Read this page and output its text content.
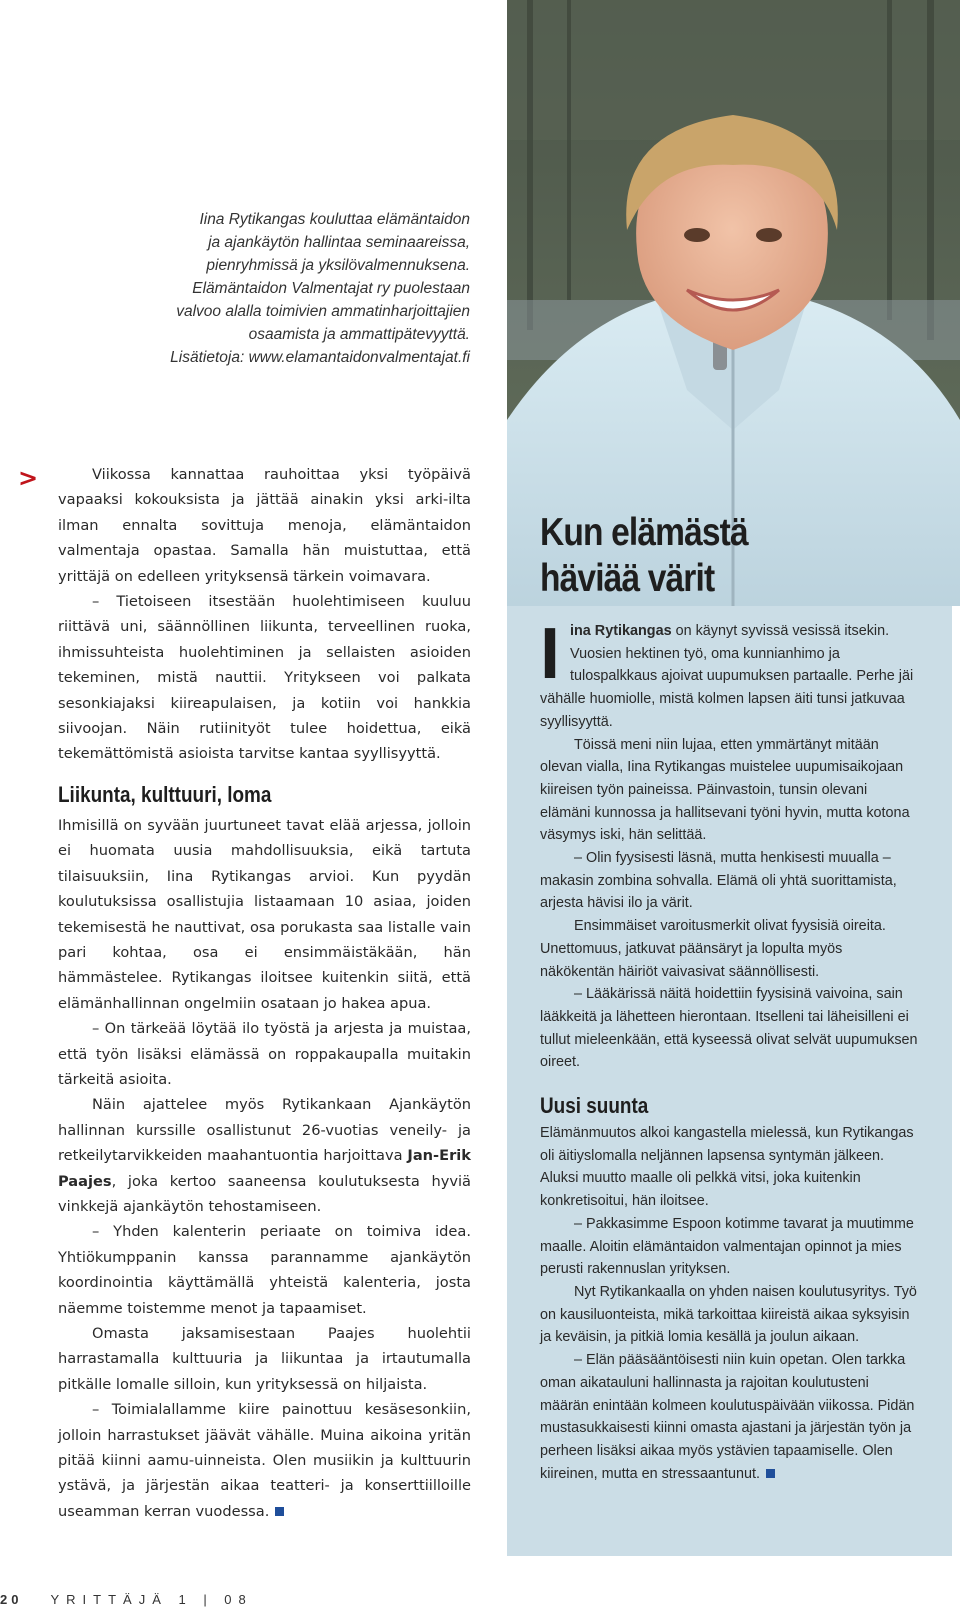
Iina Rytikangas kouluttaa elämäntaidon

ja ajankäytön hallintaa seminaareissa,

pienryhmissä ja yksilövalmennuksena.

Elämäntaidon Valmentajat ry puolestaan

valvoo alalla toimivien ammatinharjoittajien

osaamista ja ammattipätevyyttä.

Lisätietoja: www.elamantaidonvalmentajat.fi

Kun elämästä
häviää värit
>	Viikossa kannattaa rauhoittaa yksi työpäivä vapaaksi kokouksista ja jättää ainakin yksi arki-ilta ilman ennalta sovittuja menoja, elämäntaidon valmentaja opastaa. Samalla hän muistuttaa, että yrittäjä on edelleen yrityksensä tärkein voimavara.

– Tietoiseen itsestään huolehtimiseen kuuluu riittävä uni, säännöllinen liikunta, terveellinen ruoka, ihmissuhteista huolehtiminen ja sellaisten asioiden tekeminen, mistä nauttii. Yritykseen voi palkata sesonkiajaksi kiireapulaisen, ja kotiin voi hankkia siivoojan. Näin rutiinityöt tulee hoidettua, eikä tekemättömistä asioista tarvitse kantaa syyllisyyttä.

Liikunta, kulttuuri, loma

Ihmisillä on syvään juurtuneet tavat elää arjessa, jolloin ei huomata uusia mahdollisuuksia, eikä tartuta tilaisuuksiin, Iina Rytikangas arvioi. Kun pyydän koulutuksissa osallistujia listaamaan 10 asiaa, joiden tekemisestä he nauttivat, osa porukasta saa listalle vain pari kohtaa, osa ei ensimmäistäkään, hän hämmästelee. Rytikangas iloitsee kuitenkin siitä, että elämänhallinnan ongelmiin osataan jo hakea apua.

– On tärkeää löytää ilo työstä ja arjesta ja muistaa, että työn lisäksi elämässä on roppakaupalla muitakin tärkeitä asioita.

Näin ajattelee myös Rytikankaan Ajankäytön hallinnan kurssille osallistunut 26-vuotias veneily- ja retkeilytarvikkeiden maahantuontia harjoittava Jan-Erik Paajes, joka kertoo saaneensa koulutuksesta hyviä vinkkejä ajankäytön tehostamiseen.

– Yhden kalenterin periaate on toimiva idea. Yhtiökumppanin kanssa parannamme ajankäytön koordinointia käyttämällä yhteistä kalenteria, josta näemme toistemme menot ja tapaamiset.

Omasta jaksamisestaan Paajes huolehtii harrastamalla kulttuuria ja liikuntaa ja irtautumalla pitkälle lomalle silloin, kun yrityksessä on hiljaista.

– Toimialallamme kiire painottuu kesäsesonkiin, jolloin harrastukset jäävät vähälle. Muina aikoina yritän pitää kiinni aamu-uinneista. Olen musiikin ja kulttuurin ystävä, ja järjestän aikaa teatteri- ja konserttiilloille useamman kerran vuodessa.

Iina Rytikangas on käynyt syvissä vesissä itsekin. Vuosien hektinen työ, oma kunnianhimo ja tulospalkkaus ajoivat uupumuksen partaalle. Perhe jäi vähälle huomiolle, mistä kolmen lapsen äiti tunsi jatkuvaa syyllisyyttä.

Töissä meni niin lujaa, etten ymmärtänyt mitään olevan vialla, Iina Rytikangas muistelee uupumisaikojaan kiireisen työn paineissa. Päinvastoin, tunsin olevani elämäni kunnossa ja hallitsevani työni hyvin, mutta kotona väsymys iski, hän selittää.

– Olin fyysisesti läsnä, mutta henkisesti muualla – makasin zombina sohvalla. Elämä oli yhtä suorittamista, arjesta hävisi ilo ja värit.

Ensimmäiset varoitusmerkit olivat fyysisiä oireita. Unettomuus, jatkuvat päänsäryt ja lopulta myös näkökentän häiriöt vaivasivat säännöllisesti.

– Lääkärissä näitä hoidettiin fyysisinä vaivoina, sain lääkkeitä ja lähetteen hierontaan. Itselleni tai läheisilleni ei tullut mieleenkään, että kyseessä olivat selvät uupumuksen oireet.

Uusi suunta

Elämänmuutos alkoi kangastella mielessä, kun Rytikangas oli äitiyslomalla neljännen lapsensa syntymän jälkeen. Aluksi muutto maalle oli pelkkä vitsi, joka kuitenkin konkretisoitui, hän iloitsee.

– Pakkasimme Espoon kotimme tavarat ja muutimme maalle. Aloitin elämäntaidon valmentajan opinnot ja mies perusti rakennuslan yrityksen.

Nyt Rytikankaalla on yhden naisen koulutusyritys. Työ on kausiluonteista, mikä tarkoittaa kiireistä aikaa syksyisin ja keväisin, ja pitkiä lomia kesällä ja joulun aikaan.

– Elän pääsääntöisesti niin kuin opetan. Olen tarkka oman aikatauluni hallinnasta ja rajoitan koulutusteni määrän enintään kolmeen koulutuspäivään viikossa. Pidän mustasukkaisesti kiinni omasta ajastani ja järjestän työn ja perheen lisäksi aikaa myös ystävien tapaamiselle. Olen kiireinen, mutta en stressaantunut.

20 YRITTÄJÄ 1 | 08
